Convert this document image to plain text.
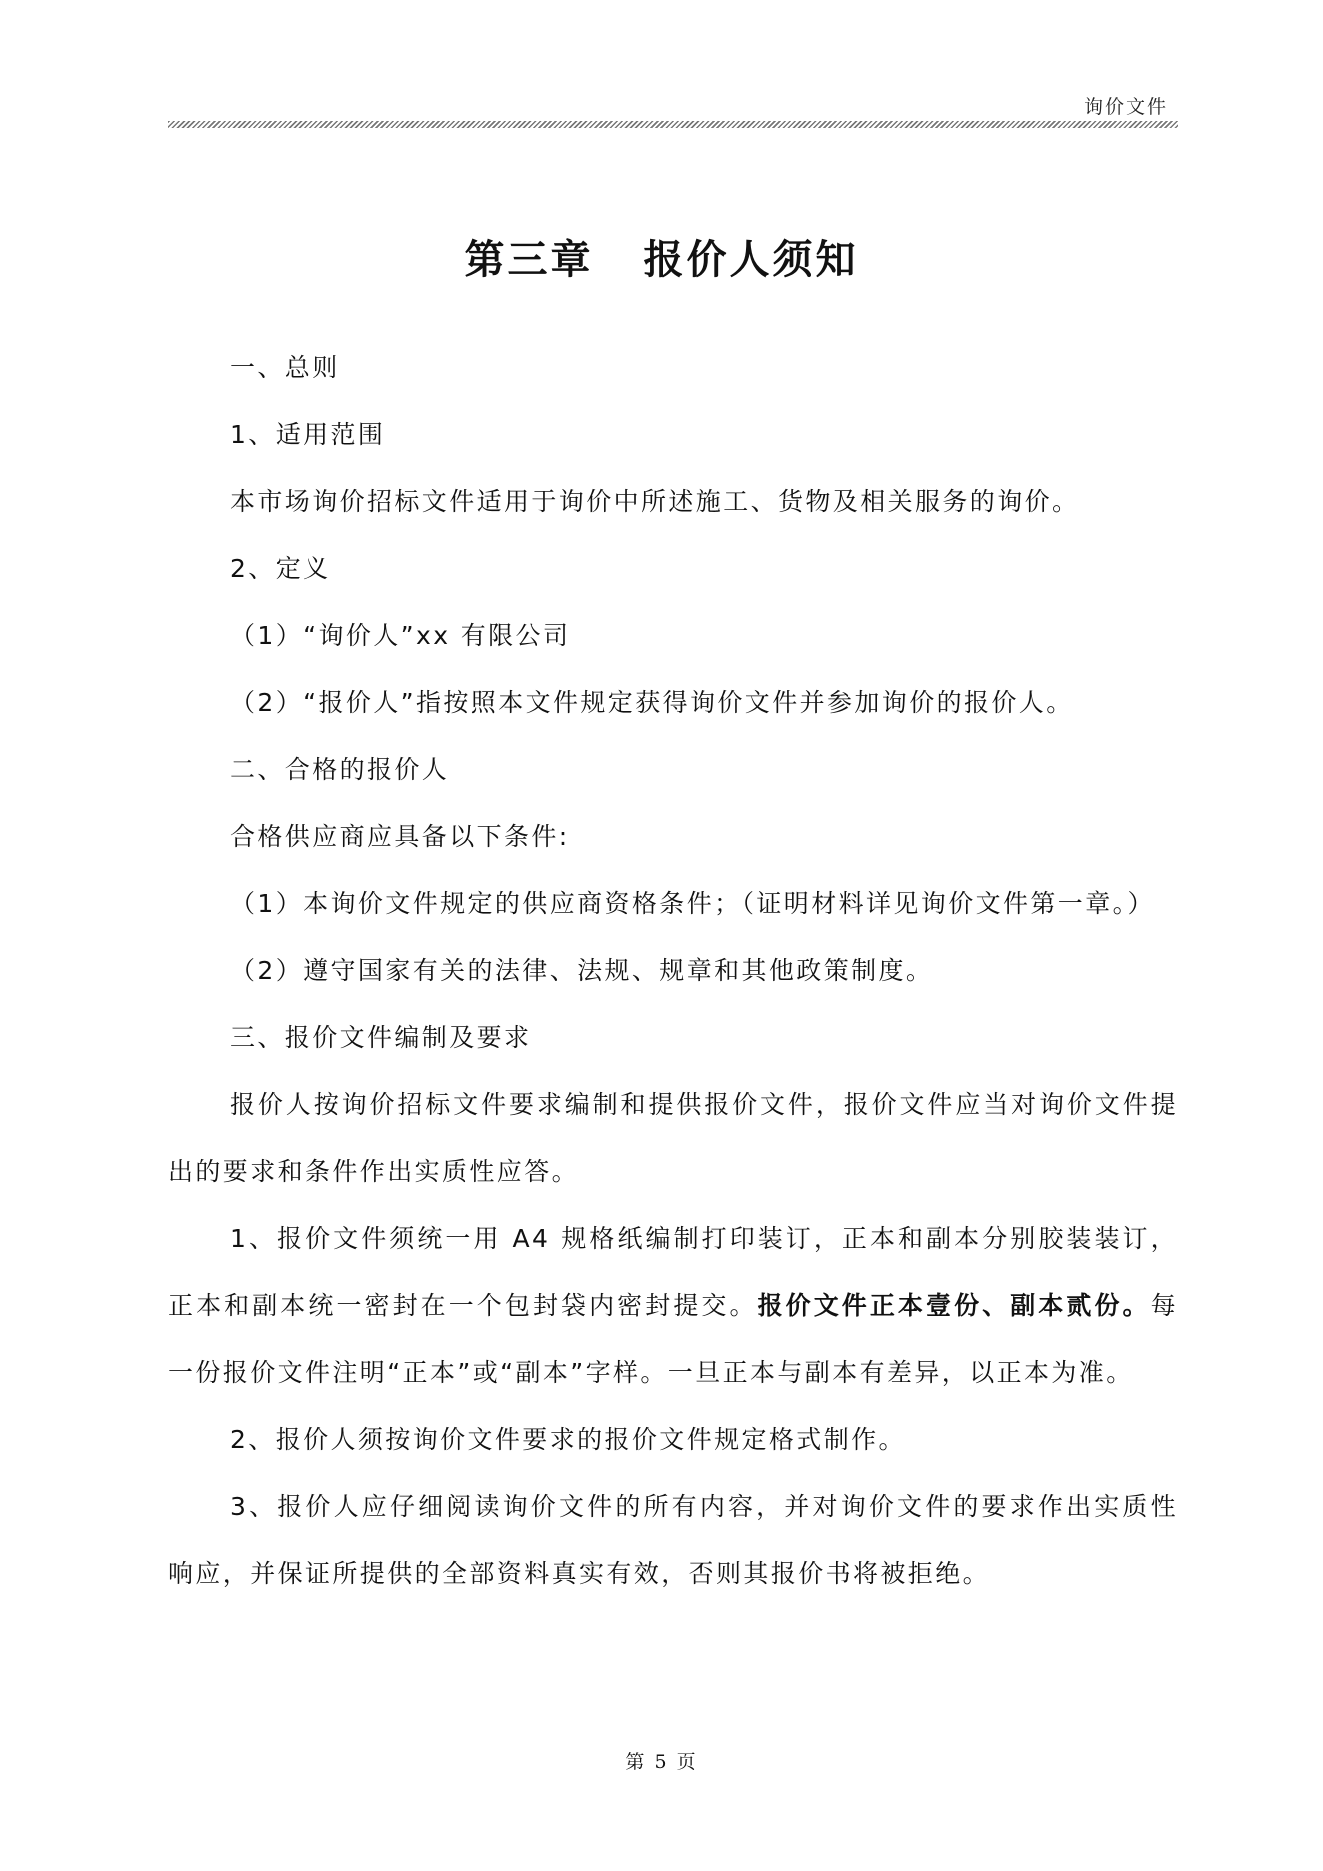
询价文件
第三章 报价人须知

一、总则

1、适用范围

本市场询价招标文件适用于询价中所述施工、货物及相关服务的询价。

2、定义

（1）“询价人”xx 有限公司

（2）“报价人”指按照本文件规定获得询价文件并参加询价的报价人。

二、合格的报价人

合格供应商应具备以下条件:

（1）本询价文件规定的供应商资格条件；（证明材料详见询价文件第一章。）

（2）遵守国家有关的法律、法规、规章和其他政策制度。

三、报价文件编制及要求

报价人按询价招标文件要求编制和提供报价文件，报价文件应当对询价文件提出的要求和条件作出实质性应答。

1、报价文件须统一用 A4 规格纸编制打印装订，正本和副本分别胶装装订，正本和副本统一密封在一个包封袋内密封提交。报价文件正本壹份、副本贰份。每一份报价文件注明“正本”或“副本”字样。一旦正本与副本有差异，以正本为准。

2、报价人须按询价文件要求的报价文件规定格式制作。

3、报价人应仔细阅读询价文件的所有内容，并对询价文件的要求作出实质性响应，并保证所提供的全部资料真实有效，否则其报价书将被拒绝。

第 5 页
